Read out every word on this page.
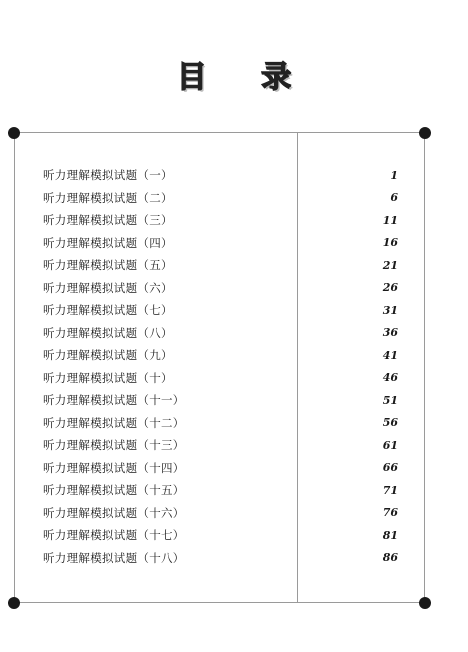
目 录
听力理解模拟试题（一）	1
听力理解模拟试题（二）	6
听力理解模拟试题（三）	11
听力理解模拟试题（四）	16
听力理解模拟试题（五）	21
听力理解模拟试题（六）	26
听力理解模拟试题（七）	31
听力理解模拟试题（八）	36
听力理解模拟试题（九）	41
听力理解模拟试题（十）	46
听力理解模拟试题（十一）	51
听力理解模拟试题（十二）	56
听力理解模拟试题（十三）	61
听力理解模拟试题（十四）	66
听力理解模拟试题（十五）	71
听力理解模拟试题（十六）	76
听力理解模拟试题（十七）	81
听力理解模拟试题（十八）	86
